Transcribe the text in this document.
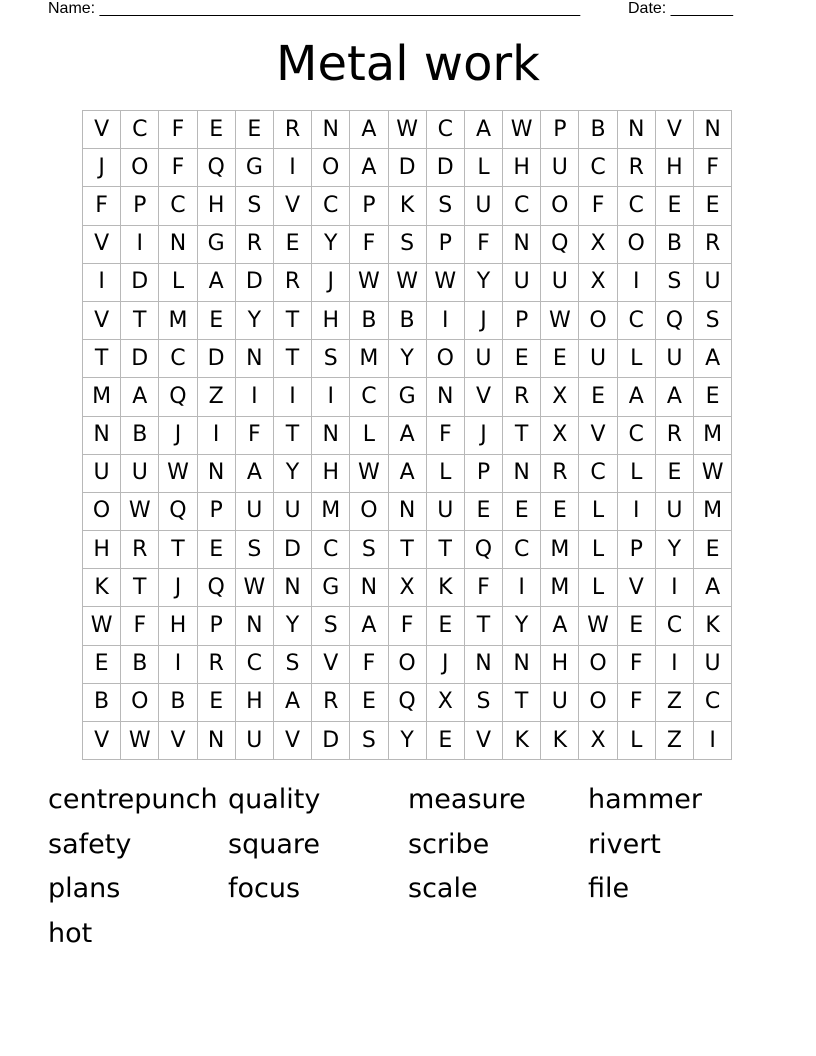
Name: ______________________________________________________

	Date: _______

Metal work
V	C	F	E	E	R	N	A W C	A W P	B	N	V	N
J	O	F	Q G	I	O	A	D D	L	H U	C	R	H	F
F	P	C	H	S	V	C	P	K	S	U	C O	F	C	E	E
V	I	N G	R	E	Y	F	S	P	F	N Q X O B	R
I	D	L	A	D	R	J	W W W Y	U	U	X	I	S	U
V	T M E	Y	T	H	B	B	I	J	P W O C Q	S
T	D	C	D N	T	S M Y	O U	E	E	U	L	U	A
M A Q Z	I	I	I	C G N	V	R	X	E	A	A	E
N	B	J	I	F	T	N	L	A	F	J	T	X	V	C	R M
U	U W N	A	Y	H W A	L	P	N	R	C	L	E W
O W Q	P	U	U M O N U	E	E	E	L	I	U M
H	R	T	E	S	D	C	S	T	T	Q C M	L	P	Y	E
K	T	J	Q W N G N	X	K	F	I	M	L	V	I	A
W F	H	P	N	Y	S	A	F	E	T	Y	A W E	C	K
E	B	I	R	C	S	V	F	O	J	N N H O	F	I	U
B O B	E	H	A	R	E	Q X	S	T	U O	F	Z	C
V W V	N U	V	D	S	Y	E	V	K	K	X	L	Z	I
centrepunch quality	measure	hammer
safety	square	scribe	rivert
plans	focus	scale	file
hot
